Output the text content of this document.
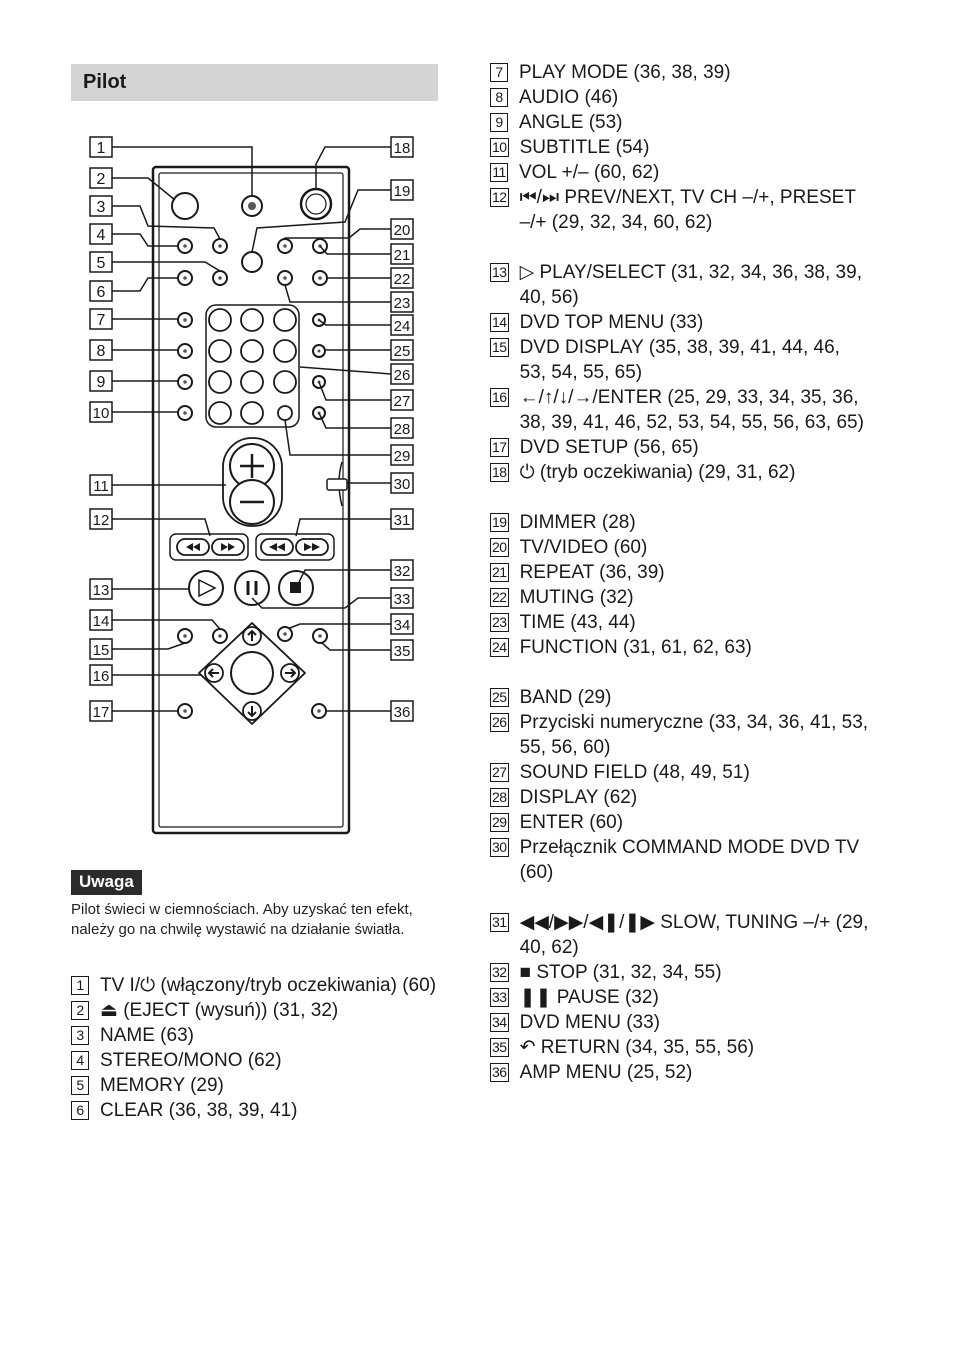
Pilot
1
2
3
4
5
6
7
8
9
10
11
12
13
14
15
16
17
18
19
20
21
22
23
24
25
26
27
28
29
30
31
32
33
34
35
36
Uwaga
Pilot świeci w ciemnościach. Aby uzyskać ten efekt, należy go na chwilę wystawić na działanie światła.
1 TV I/⏻ (włączony/tryb oczekiwania) (60)
2 ⏏ (EJECT (wysuń)) (31, 32)
3 NAME (63)
4 STEREO/MONO (62)
5 MEMORY (29)
6 CLEAR (36, 38, 39, 41)
7 PLAY MODE (36, 38, 39)
8 AUDIO (46)
9 ANGLE (53)
10 SUBTITLE (54)
11 VOL +/– (60, 62)
12 ⏮/⏭ PREV/NEXT, TV CH –/+, PRESET –/+ (29, 32, 34, 60, 62)
13 ▷ PLAY/SELECT (31, 32, 34, 36, 38, 39, 40, 56)
14 DVD TOP MENU (33)
15 DVD DISPLAY (35, 38, 39, 41, 44, 46, 53, 54, 55, 65)
16 ←/↑/↓/→/ENTER (25, 29, 33, 34, 35, 36, 38, 39, 41, 46, 52, 53, 54, 55, 56, 63, 65)
17 DVD SETUP (56, 65)
18 ⏻ (tryb oczekiwania) (29, 31, 62)
19 DIMMER (28)
20 TV/VIDEO (60)
21 REPEAT (36, 39)
22 MUTING (32)
23 TIME (43, 44)
24 FUNCTION (31, 61, 62, 63)
25 BAND (29)
26 Przyciski numeryczne (33, 34, 36, 41, 53, 55, 56, 60)
27 SOUND FIELD (48, 49, 51)
28 DISPLAY (62)
29 ENTER (60)
30 Przełącznik COMMAND MODE DVD TV (60)
31 ◀◀/▶▶/◀❚/❚▶ SLOW, TUNING –/+ (29, 40, 62)
32 ■ STOP (31, 32, 34, 55)
33 ❚❚ PAUSE (32)
34 DVD MENU (33)
35 ↶ RETURN (34, 35, 55, 56)
36 AMP MENU (25, 52)
